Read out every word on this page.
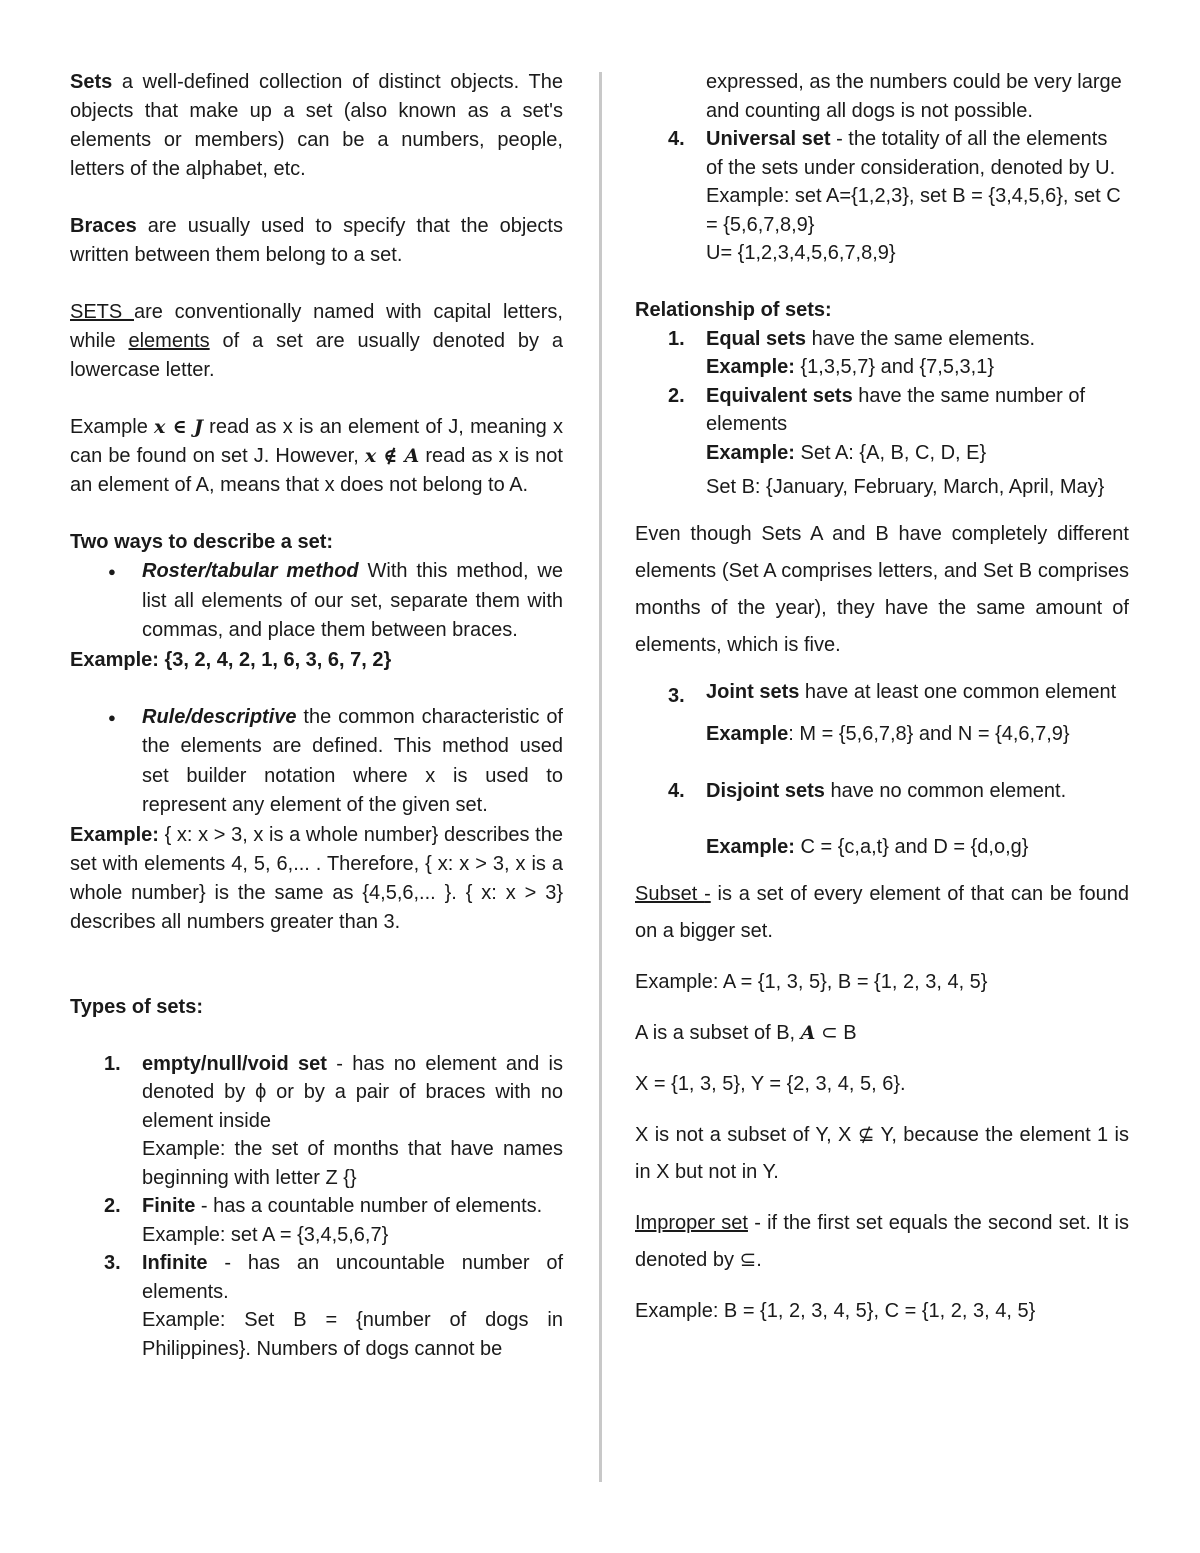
Sets a well-defined collection of distinct objects. The objects that make up a set (also known as a set's elements or members) can be a numbers, people, letters of the alphabet, etc.

Braces are usually used to specify that the objects written between them belong to a set.

SETS are conventionally named with capital letters, while elements of a set are usually denoted by a lowercase letter.

Example x ∈ J read as x is an element of J, meaning x can be found on set J. However, x ∉ A read as x is not an element of A, means that x does not belong to A.

Two ways to describe a set:

● Roster/tabular method With this method, we list all elements of our set, separate them with commas, and place them between braces.

Example: {3, 2, 4, 2, 1, 6, 3, 6, 7, 2}

● Rule/descriptive the common characteristic of the elements are defined. This method used set builder notation where x is used to represent any element of the given set.

Example: { x: x > 3, x is a whole number} describes the set with elements 4, 5, 6,... . Therefore, { x: x > 3, x is a whole number} is the same as {4,5,6,... }. { x: x > 3} describes all numbers greater than 3.

Types of sets:

1. empty/null/void set - has no element and is denoted by ϕ or by a pair of braces with no element inside
Example: the set of months that have names beginning with letter Z {}
2. Finite - has a countable number of elements.
Example: set A = {3,4,5,6,7}
3. Infinite - has an uncountable number of elements.
Example: Set B = {number of dogs in Philippines}. Numbers of dogs cannot be
expressed, as the numbers could be very large and counting all dogs is not possible.
4. Universal set - the totality of all the elements of the sets under consideration, denoted by U.
Example: set A={1,2,3}, set B = {3,4,5,6}, set C = {5,6,7,8,9}
U= {1,2,3,4,5,6,7,8,9}

Relationship of sets:

1. Equal sets have the same elements.
Example: {1,3,5,7} and {7,5,3,1}
2. Equivalent sets have the same number of elements
Example: Set A: {A, B, C, D, E}
Set B: {January, February, March, April, May}

Even though Sets A and B have completely different elements (Set A comprises letters, and Set B comprises months of the year), they have the same amount of elements, which is five.

3. Joint sets have at least one common element
Example: M = {5,6,7,8} and N = {4,6,7,9}
4. Disjoint sets have no common element.
Example: C = {c,a,t} and D = {d,o,g}

Subset - is a set of every element of that can be found on a bigger set.

Example: A = {1, 3, 5}, B = {1, 2, 3, 4, 5}

A is a subset of B, A ⊂ B

X = {1, 3, 5}, Y = {2, 3, 4, 5, 6}.

X is not a subset of Y, X ⊈ Y, because the element 1 is in X but not in Y.

Improper set - if the first set equals the second set. It is denoted by ⊆.

Example: B = {1, 2, 3, 4, 5}, C = {1, 2, 3, 4, 5}
